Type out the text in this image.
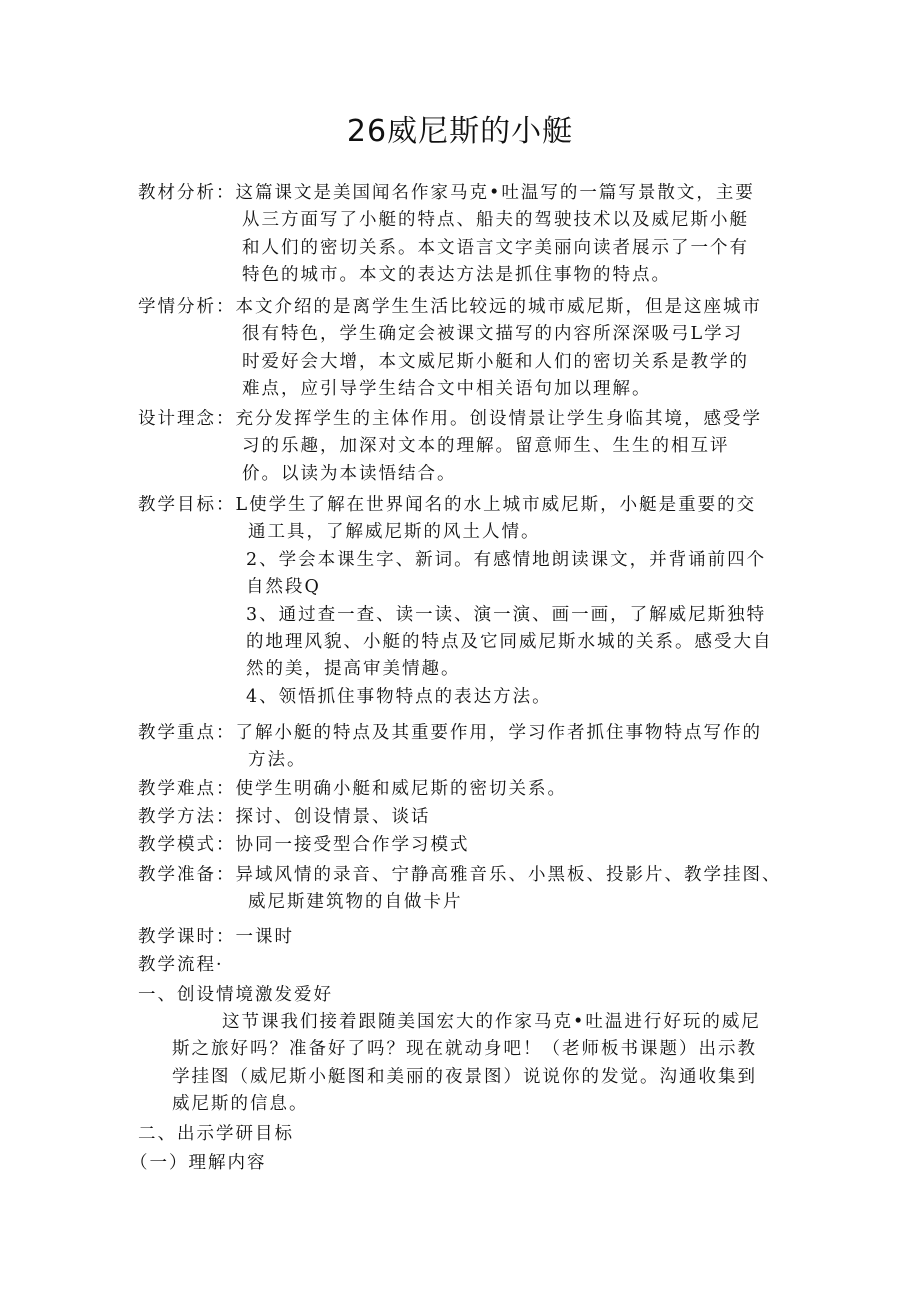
26威尼斯的小艇
教材分析：这篇课文是美国闻名作家马克•吐温写的一篇写景散文，主要
从三方面写了小艇的特点、船夫的驾驶技术以及威尼斯小艇
和人们的密切关系。本文语言文字美丽向读者展示了一个有
特色的城市。本文的表达方法是抓住事物的特点。
学情分析：本文介绍的是离学生生活比较远的城市威尼斯，但是这座城市
很有特色，学生确定会被课文描写的内容所深深吸弓L学习
时爱好会大增，本文威尼斯小艇和人们的密切关系是教学的
难点，应引导学生结合文中相关语句加以理解。
设计理念：充分发挥学生的主体作用。创设情景让学生身临其境，感受学
习的乐趣，加深对文本的理解。留意师生、生生的相互评
价。以读为本读悟结合。
教学目标：L使学生了解在世界闻名的水上城市威尼斯，小艇是重要的交
通工具，了解威尼斯的风土人情。
2、学会本课生字、新词。有感情地朗读课文，并背诵前四个
自然段Q
3、通过查一查、读一读、演一演、画一画，了解威尼斯独特
的地理风貌、小艇的特点及它同威尼斯水城的关系。感受大自
然的美，提高审美情趣。
4、领悟抓住事物特点的表达方法。
教学重点：了解小艇的特点及其重要作用，学习作者抓住事物特点写作的
方法。
教学难点：使学生明确小艇和威尼斯的密切关系。
教学方法：探讨、创设情景、谈话
教学模式：协同一接受型合作学习模式
教学准备：异域风情的录音、宁静高雅音乐、小黑板、投影片、教学挂图、
威尼斯建筑物的自做卡片
教学课时：一课时
教学流程·
一、创设情境激发爱好
这节课我们接着跟随美国宏大的作家马克•吐温进行好玩的威尼
斯之旅好吗？准备好了吗？现在就动身吧！（老师板书课题）出示教
学挂图（威尼斯小艇图和美丽的夜景图）说说你的发觉。沟通收集到
威尼斯的信息。
二、出示学研目标
（一）理解内容
